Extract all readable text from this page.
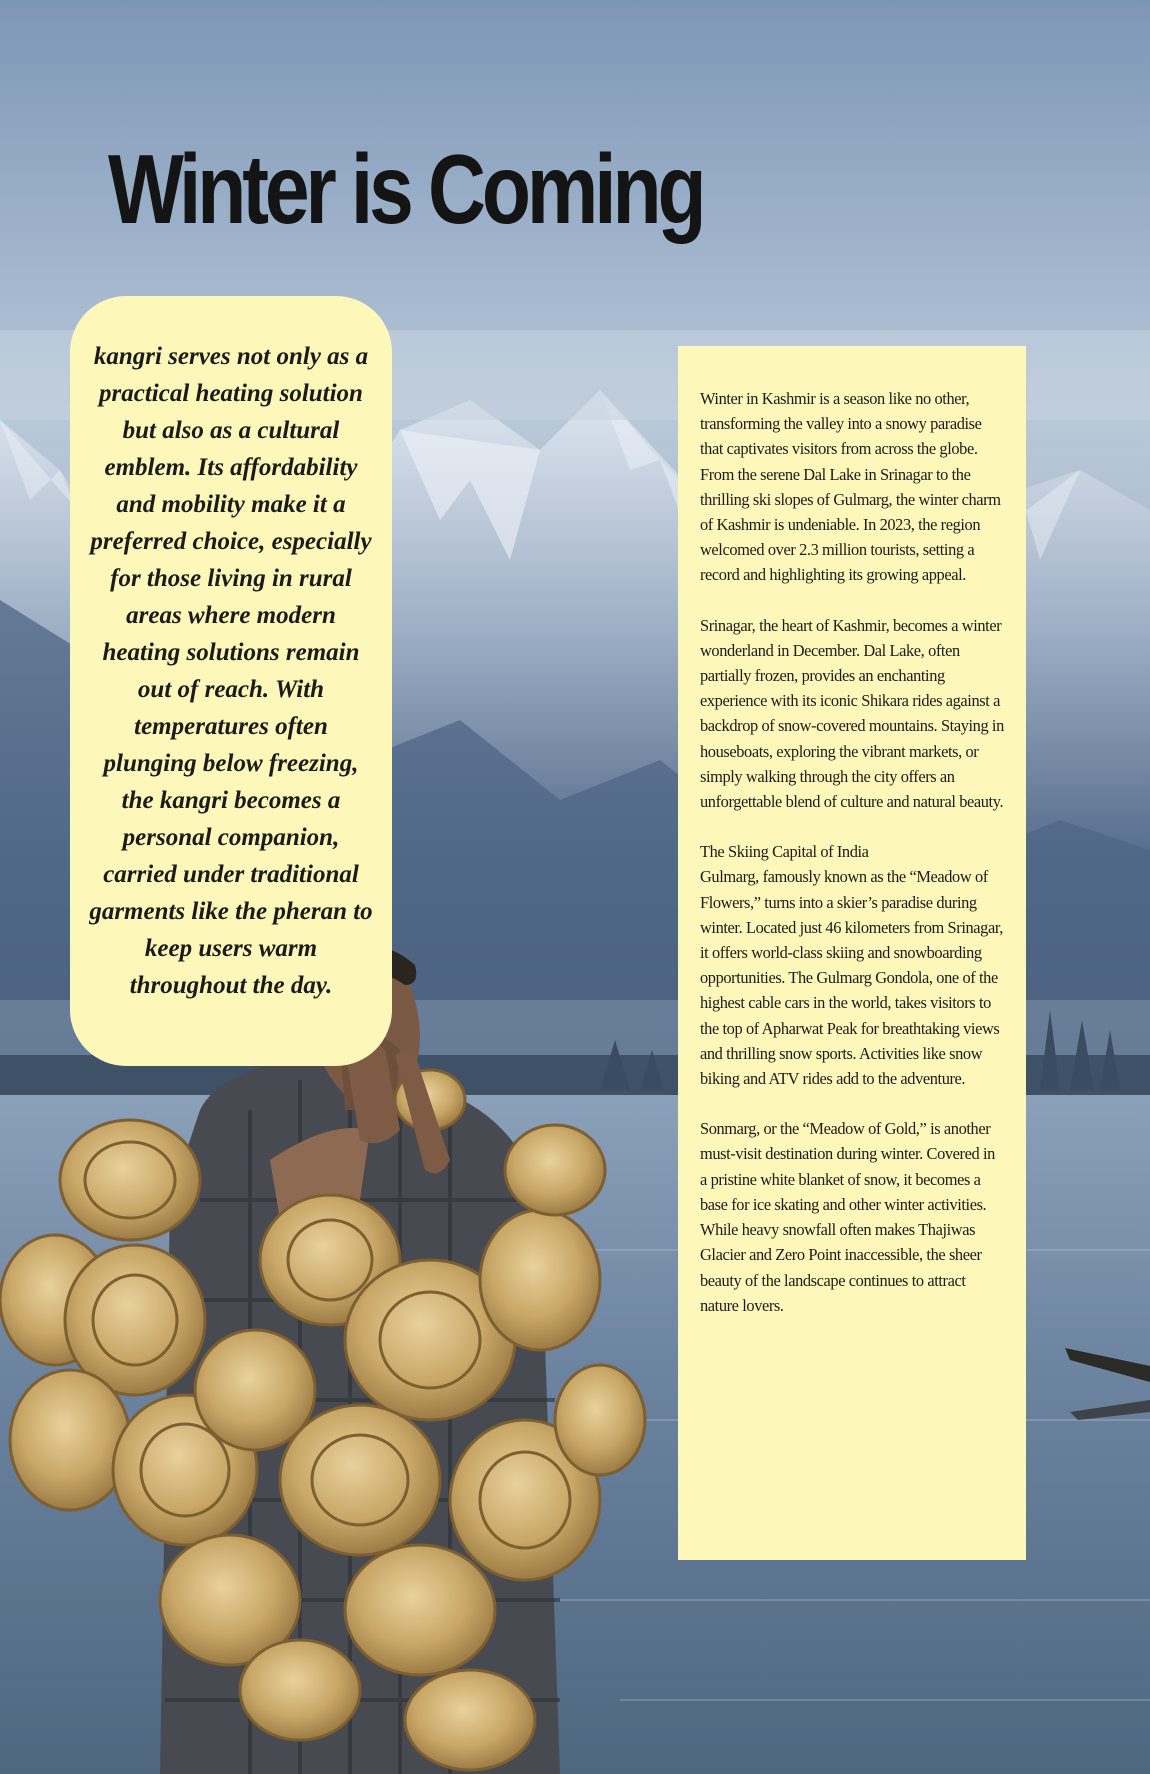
Winter is Coming

kangri serves not only as a practical heating solution but also as a cultural emblem. Its affordability and mobility make it a preferred choice, especially for those living in rural areas where modern heating solutions remain out of reach. With temperatures often plunging below freezing, the kangri becomes a personal companion, carried under traditional garments like the pheran to keep users warm throughout the day.

Winter in Kashmir is a season like no other, transforming the valley into a snowy paradise that captivates visitors from across the globe. From the serene Dal Lake in Srinagar to the thrilling ski slopes of Gulmarg, the winter charm of Kashmir is undeniable. In 2023, the region welcomed over 2.3 million tourists, setting a record and highlighting its growing appeal.

Srinagar, the heart of Kashmir, becomes a winter wonderland in December. Dal Lake, often partially frozen, provides an enchanting experience with its iconic Shikara rides against a backdrop of snow-covered mountains. Staying in houseboats, exploring the vibrant markets, or simply walking through the city offers an unforgettable blend of culture and natural beauty.

The Skiing Capital of India
Gulmarg, famously known as the “Meadow of Flowers,” turns into a skier’s paradise during winter. Located just 46 kilometers from Srinagar, it offers world-class skiing and snowboarding opportunities. The Gulmarg Gondola, one of the highest cable cars in the world, takes visitors to the top of Apharwat Peak for breathtaking views and thrilling snow sports. Activities like snow biking and ATV rides add to the adventure.

Sonmarg, or the “Meadow of Gold,” is another must-visit destination during winter. Covered in a pristine white blanket of snow, it becomes a base for ice skating and other winter activities. While heavy snowfall often makes Thajiwas Glacier and Zero Point inaccessible, the sheer beauty of the landscape continues to attract nature lovers.
